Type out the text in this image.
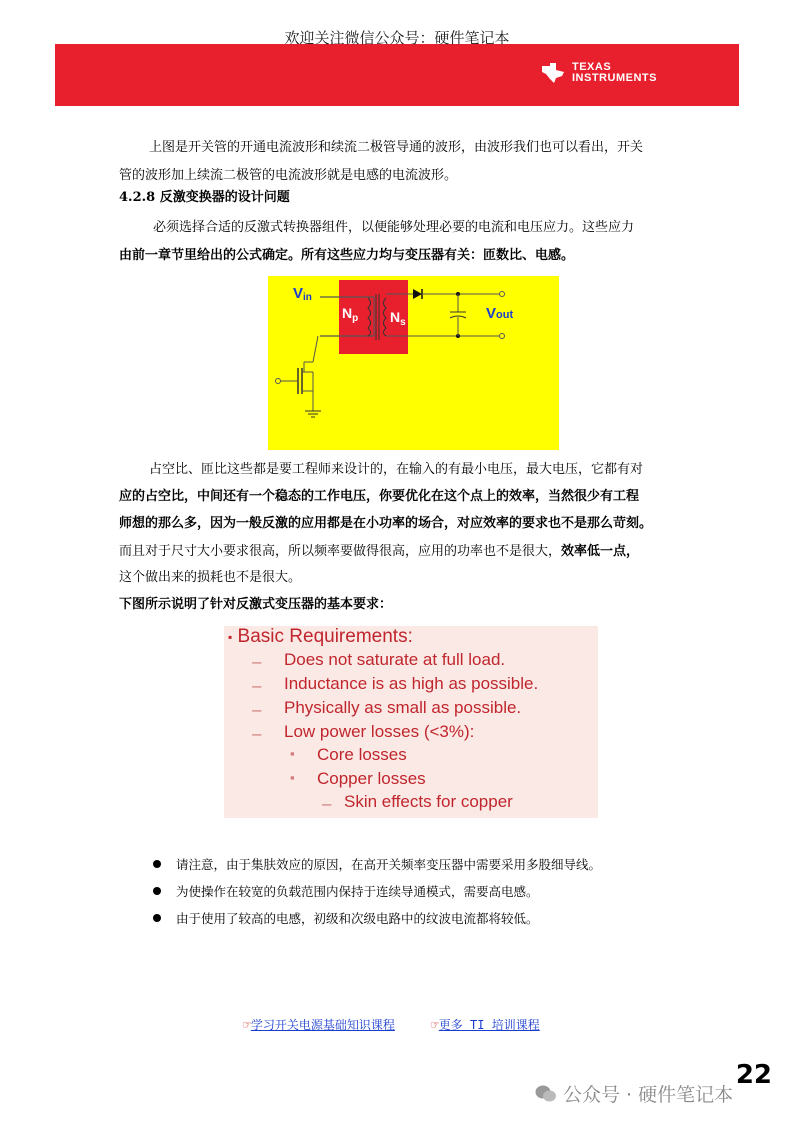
欢迎关注微信公众号：硬件笔记本
TEXAS
INSTRUMENTS
上图是开关管的开通电流波形和续流二极管导通的波形，由波形我们也可以看出，开关

管的波形加上续流二极管的电流波形就是电感的电流波形。
4.2.8 反激变换器的设计问题
必须选择合适的反激式转换器组件，以便能够处理必要的电流和电压应力。这些应力
由前一章节里给出的公式确定。所有这些应力均与变压器有关：匝数比、电感。
Vin
$N_p$ $N_s$
Vout
占空比、匝比这些都是要工程师来设计的，在输入的有最小电压，最大电压，它都有对
应的占空比，中间还有一个稳态的工作电压，你要优化在这个点上的效率，当然很少有工程
师想的那么多，因为一般反激的应用都是在小功率的场合，对应效率的要求也不是那么苛刻。
而且对于尺寸大小要求很高，所以频率要做得很高，应用的功率也不是很大，效率低一点，
这个做出来的损耗也不是很大。
下图所示说明了针对反激式变压器的基本要求：
▪ Basic Requirements:
– Does not saturate at full load.
– Inductance is as high as possible.
– Physically as small as possible.
– Low power losses (<3%):
▪ Core losses
▪ Copper losses
– Skin effects for copper
请注意，由于集肤效应的原因，在高开关频率变压器中需要采用多股细导线。
为使操作在较宽的负载范围内保持于连续导通模式，需要高电感。
由于使用了较高的电感，初级和次级电路中的纹波电流都将较低。
☞学习开关电源基础知识课程	☞更多 TI 培训课程
公众号 · 硬件笔记本
22
